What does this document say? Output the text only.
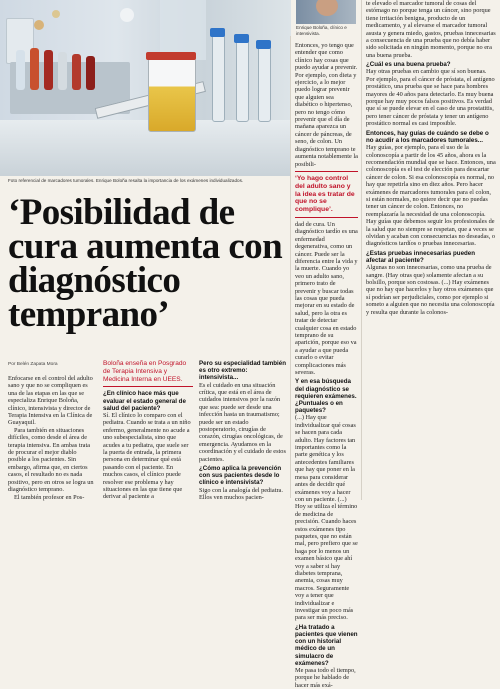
Foto referencial de marcadores tumorales. Enrique Boloña resalta la importancia de los exámenes individualizados.
Enrique Boloña, clínico e intensivista.
‘Posibilidad de cura aumenta con diagnóstico temprano’
Por Belén Zapata Mora

Enfocarse en el control del adulto sano y que no se compliquen es una de las etapas en las que se especializa Enrique Boloña, clínico, intensivista y director de Terapia Intensiva en la Clínica de Guayaquil.

Para también en situaciones difíciles, como desde el área de terapia intensiva. En ambas trata de procurar el mejor diablo posible a los pacientes. Sin embargo, afirma que, en ciertos casos, el resultado no es nada positivo, pero en otros se logra un diagnóstico temprano.

El también profesor en Pos-

Boloña enseña en Posgrado de Terapia Intensiva y Medicina Interna en UEES.
¿En clínico hace más que evaluar el estado general de salud del paciente?

Sí. El clínico lo comparo con el pediatra. Cuando se trata a un niño enfermo, generalmente no acude a uno subespecialista, sino que acudes a tu pediatra, que suele ser la puerta de entrada, la primera persona en determinar qué está pasando con el paciente. En muchos casos, el clínico puede resolver ese problema y hay situaciones en las que tiene que derivar al paciente a

Pero su especialidad también es otro extremo: intensivista...

Es el cuidado en una situación crítica, que está en el área de cuidados intensivos por la razón que sea: puede ser desde una infección hasta un traumatismo; puede ser un estado postoperatorio, cirugías de corazón, cirugías oncológicas, de emergencia. Ayudamos en la coordinación y el cuidado de estos pacientes.

¿Cómo aplica la prevención con sus pacientes desde lo clínico e intensivista?

Sigo con la analogía del pediatra. Ellos ven muchos pacien-

Entonces, yo tengo que entender que como clínico hay cosas que puedo ayudar a prevenir. Por ejemplo, con dieta y ejercicio, a lo mejor puedo lograr prevenir que alguien sea diabético o hipertenso, pero no tengo cómo prevenir que el día de mañana aparezca un cáncer de páncreas, de seno, de colon. Un diagnóstico temprano te aumenta notablemente la posibili-

‘Yo hago control del adulto sano y la idea es tratar de que no se complique’.

dad de cura. Un diagnóstico tardío es una enfermedad degenerativa, como un cáncer. Puede ser la diferencia entre la vida y la muerte. Cuando yo veo un adulto sano, primero trato de prevenir y buscar todas las cosas que pueda mejorar en su estado de salud, pero la otra es tratar de detectar cualquier cosa en estado temprano de su aparición, porque eso va a ayudar a que pueda curarlo o evitar complicaciones más severas.

Y en esa búsqueda del diagnóstico se requieren exámenes. ¿Puntuales o en paquetes?

(...) Hay que individualizar qué cosas se hacen para cada adulto. Hay factores tan importantes como la parte genética y los antecedentes familiares que hay que poner en la mesa para considerar antes de decidir qué exámenes voy a hacer con un paciente. (...) Hoy se utiliza el término de medicina de precisión. Cuando haces estos exámenes tipo paquetes, que no están mal, pero prefiero que se haga por lo menos un examen básico que ahí voy a saber si hay diabetes temprana, anemia, cosas muy macros. Seguramente voy a tener que individualizar e investigar un poco más para ser más preciso.

¿Ha tratado a pacientes que vienen con un historial médico de un simulacro de exámenes?

Me pasa todo el tiempo, porque he hablado de hacer más exá-

te elevado el marcador tumoral de cosas del estómago no porque tenga un cáncer, sino porque tiene irritación benigna, producto de un medicamento, y al elevarse el marcador tumoral asusta y genera miedo, gastos, pruebas innecesarias a consecuencia de una prueba que no debía haber sido solicitada en ningún momento, porque no era una buena prueba.

¿Cuál es una buena prueba?

Hay otras pruebas en cambio que sí son buenas. Por ejemplo, para el cáncer de próstata, el antígeno prostático, una prueba que se hace para hombres mayores de 40 años para detectarlo. Es muy buena porque hay muy pocos falsos positivos. Es verdad que sí se puede elevar en el caso de una prostatitis, pero tener cáncer de próstata y tener un antígeno prostático normal es casi imposible.

Entonces, hay guías de cuándo se debe o no acudir a los marcadores tumorales...

Hay guías, por ejemplo, para el uso de la colonoscopía a partir de los 45 años, ahora es la recomendación mundial que se hace. Entonces, una colonoscopía es el test de elección para descartar cáncer de colon. Si esa colonoscopía es normal, no hay que repetirla sino en diez años. Pero hacer exámenes de marcadores tumorales para el colon, si están normales, no quiere decir que no puedas tener un cáncer de colon. Entonces, no reemplazaría la necesidad de una colonoscopía. Hay guías que debemos seguir los profesionales de la salud que no siempre se respetan, que a veces se olvidan y acaban con consecuencias no deseadas, o diagnósticos tardíos o pruebas innecesarias.

¿Estas pruebas innecesarias pueden afectar al paciente?

Algunas no son innecesarias, como una prueba de sangre. (Hay otras que) solamente afectan a su bolsillo, porque son costosas. (...) Hay exámenes que no hay que hacerlos y hay otros exámenes que sí podrían ser perjudiciales, como por ejemplo si someto a alguien que no necesita una colonoscopía y resulta que durante la colonos-
